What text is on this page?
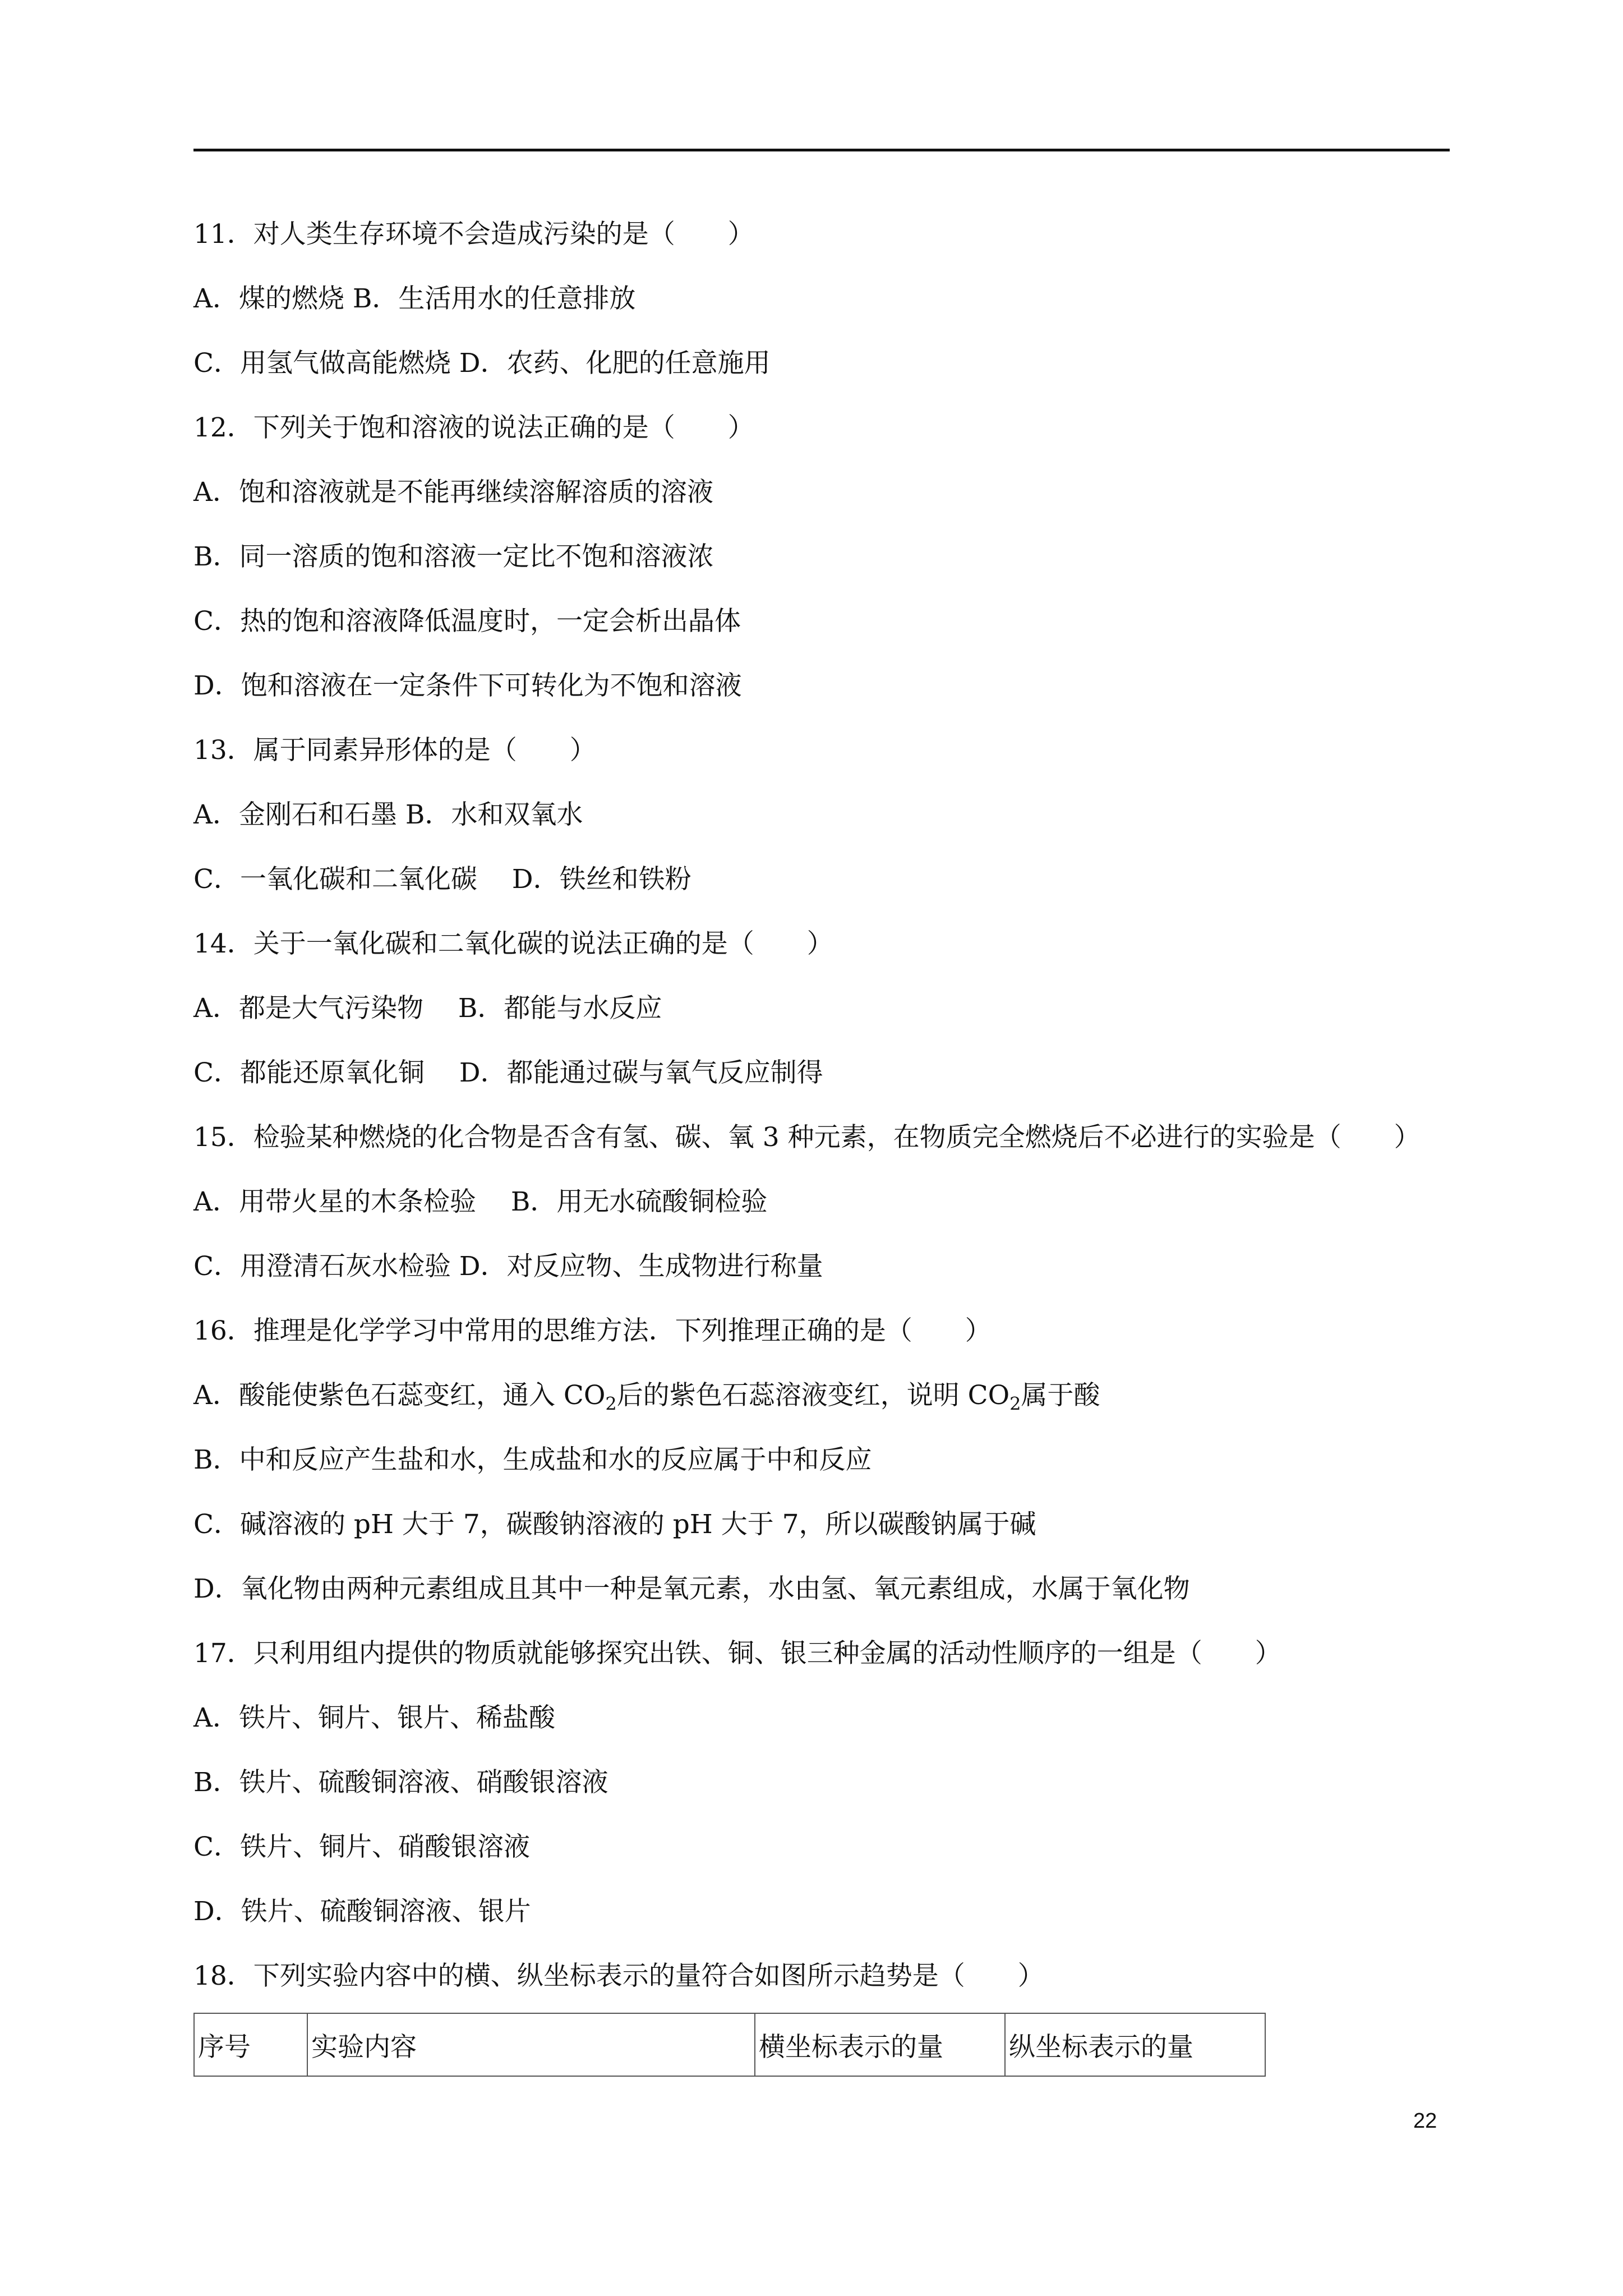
11．对人类生存环境不会造成污染的是（　　）
A．煤的燃烧 B．生活用水的任意排放
C．用氢气做高能燃烧 D．农药、化肥的任意施用
12．下列关于饱和溶液的说法正确的是（　　）
A．饱和溶液就是不能再继续溶解溶质的溶液
B．同一溶质的饱和溶液一定比不饱和溶液浓
C．热的饱和溶液降低温度时，一定会析出晶体
D．饱和溶液在一定条件下可转化为不饱和溶液
13．属于同素异形体的是（　　）
A．金刚石和石墨 B．水和双氧水
C．一氧化碳和二氧化碳　 D．铁丝和铁粉
14．关于一氧化碳和二氧化碳的说法正确的是（　　）
A．都是大气污染物　 B．都能与水反应
C．都能还原氧化铜　 D．都能通过碳与氧气反应制得
15．检验某种燃烧的化合物是否含有氢、碳、氧 3 种元素，在物质完全燃烧后不必进行的实验是（　　）
A．用带火星的木条检验　 B．用无水硫酸铜检验
C．用澄清石灰水检验 D．对反应物、生成物进行称量
16．推理是化学学习中常用的思维方法．下列推理正确的是（　　）
A．酸能使紫色石蕊变红，通入 $CO_2$后的紫色石蕊溶液变红，说明 $CO_2$属于酸
B．中和反应产生盐和水，生成盐和水的反应属于中和反应
C．碱溶液的 pH 大于 7，碳酸钠溶液的 pH 大于 7，所以碳酸钠属于碱
D．氧化物由两种元素组成且其中一种是氧元素，水由氢、氧元素组成，水属于氧化物
17．只利用组内提供的物质就能够探究出铁、铜、银三种金属的活动性顺序的一组是（　　）
A．铁片、铜片、银片、稀盐酸
B．铁片、硫酸铜溶液、硝酸银溶液
C．铁片、铜片、硝酸银溶液
D．铁片、硫酸铜溶液、银片
18．下列实验内容中的横、纵坐标表示的量符合如图所示趋势是（　　）
序号	实验内容	横坐标表示的量	纵坐标表示的量
22
